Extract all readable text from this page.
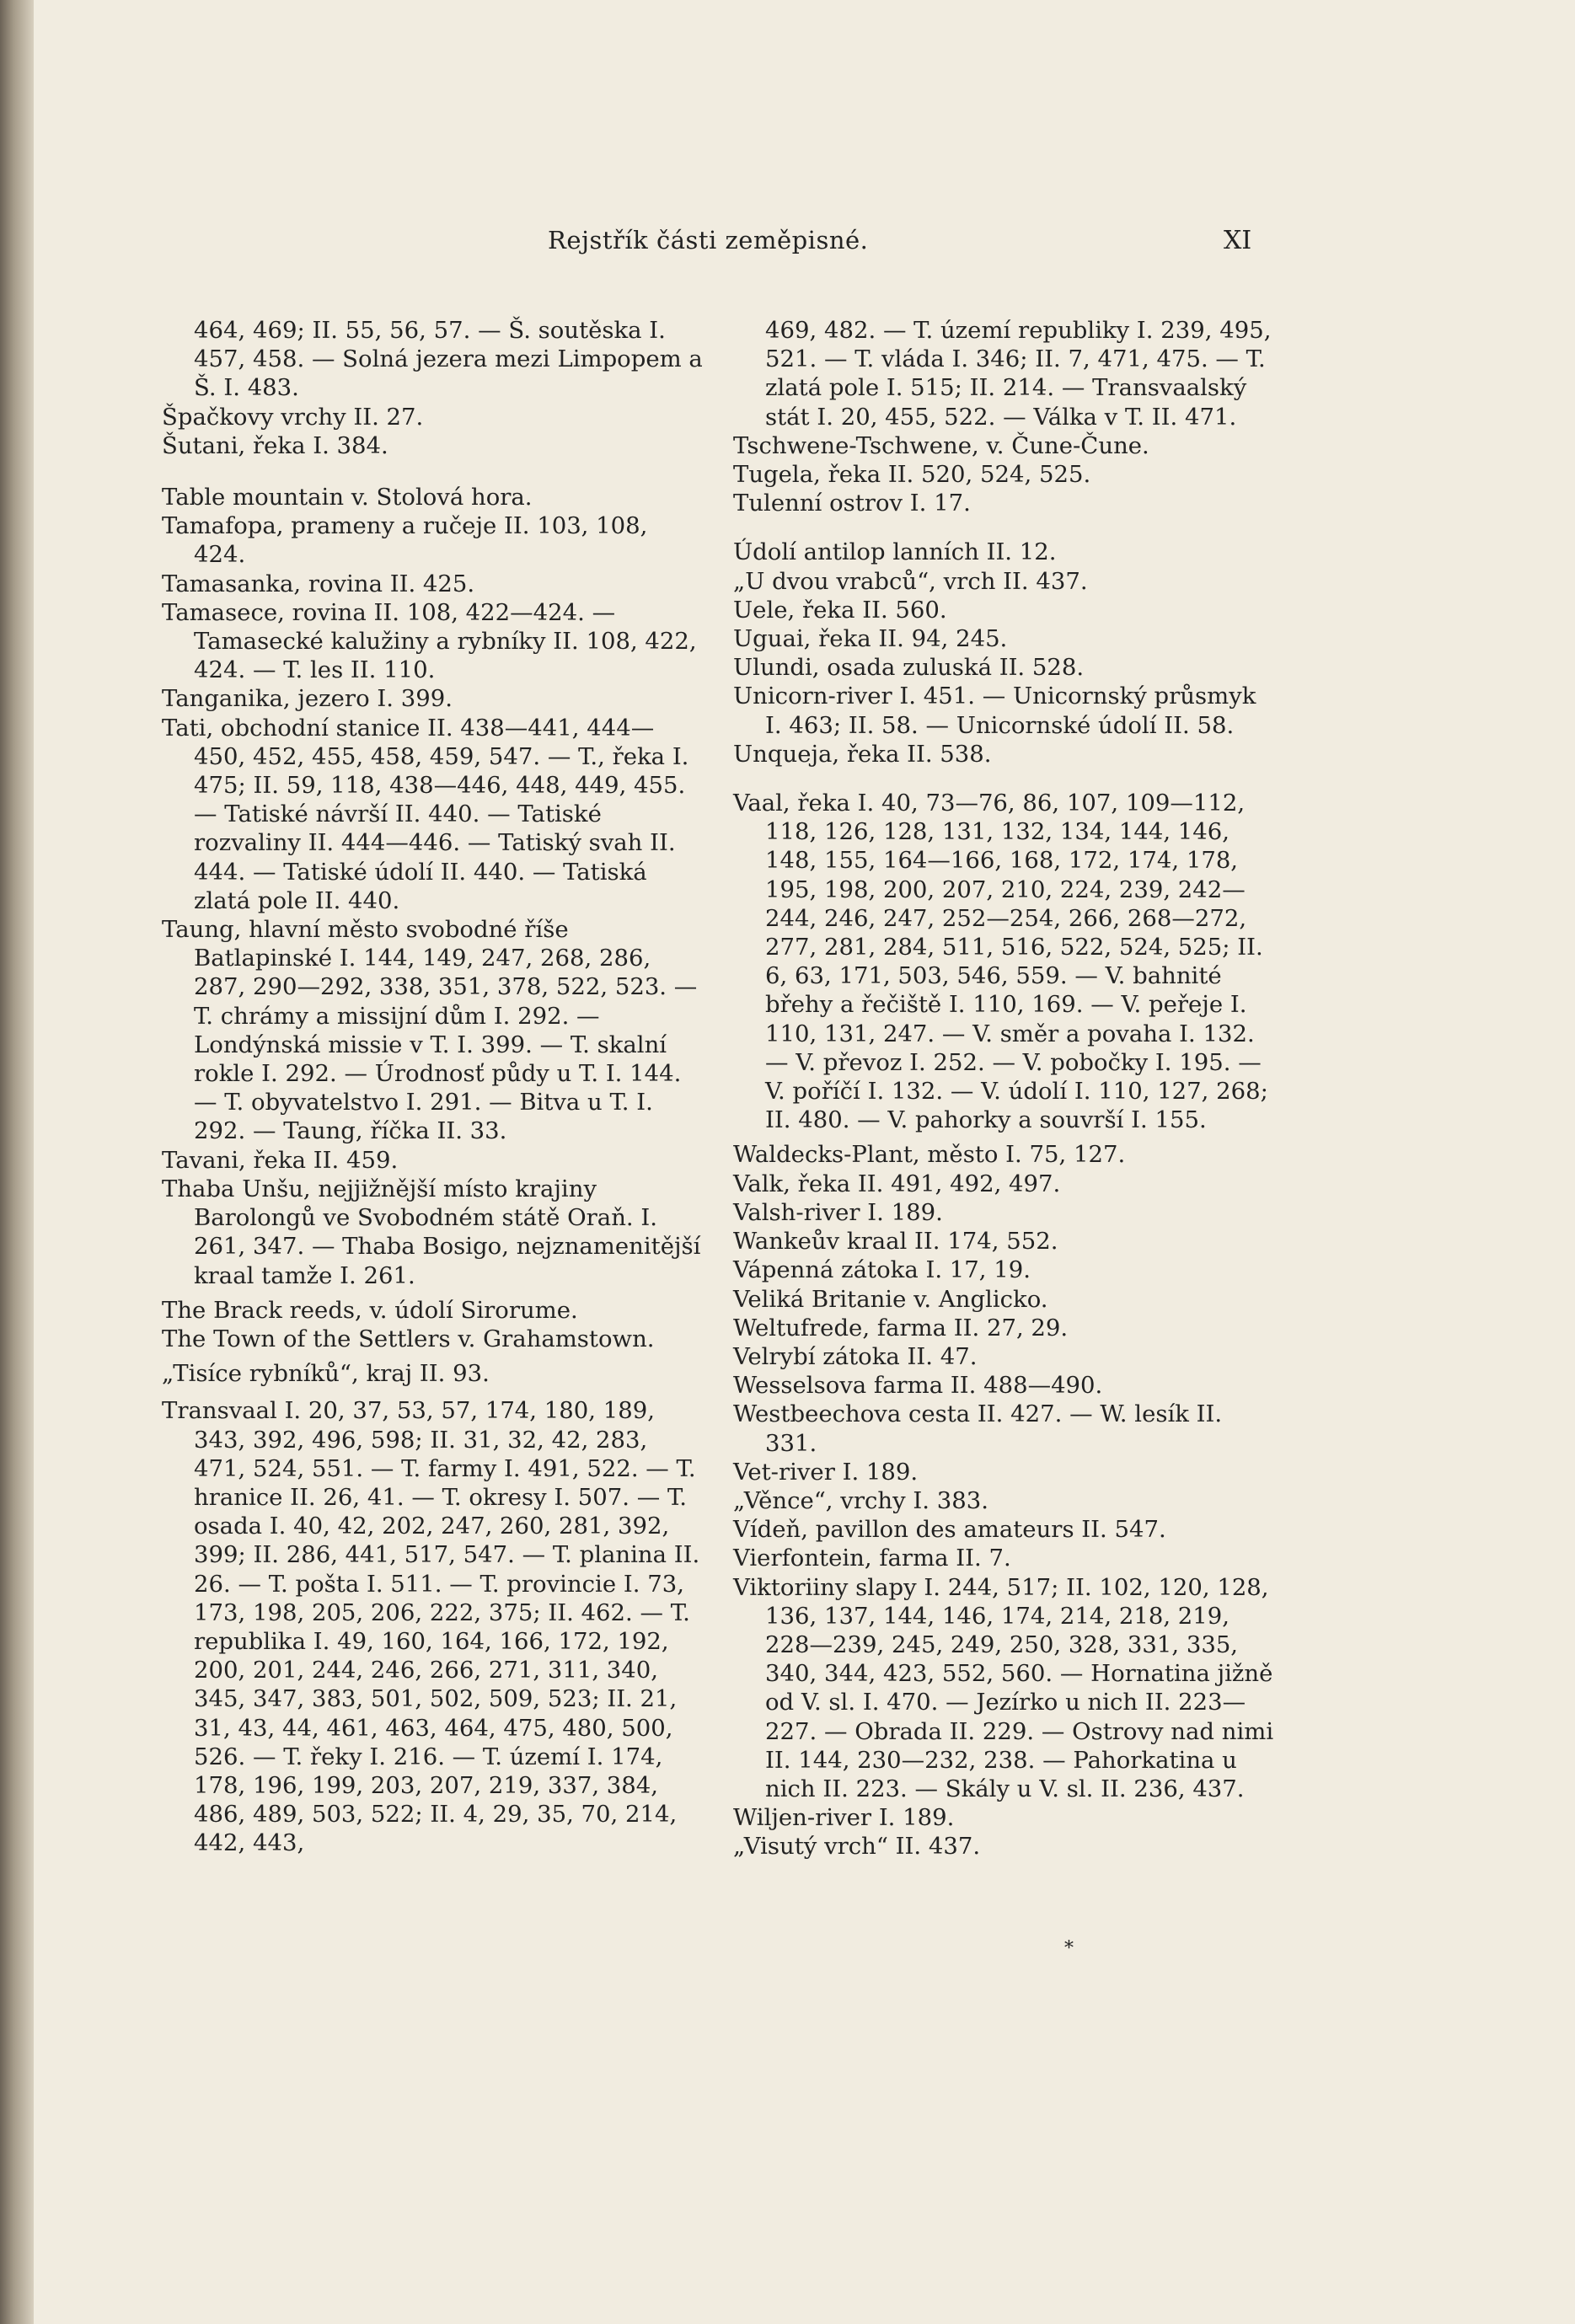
Rejstřík části zeměpisné.	XI
464, 469; II. 55, 56, 57. — Š. soutěska I. 457, 458. — Solná jezera mezi Limpopem a Š. I. 483.
Špačkovy vrchy II. 27.
Šutani, řeka I. 384.
Table mountain v. Stolová hora.
Tamafopa, prameny a ručeje II. 103, 108, 424.
Tamasanka, rovina II. 425.
Tamasece, rovina II. 108, 422—424. — Tamasecké kalužiny a rybníky II. 108, 422, 424. — T. les II. 110.
Tanganika, jezero I. 399.
Tati, obchodní stanice II. 438—441, 444—450, 452, 455, 458, 459, 547. — T., řeka I. 475; II. 59, 118, 438—446, 448, 449, 455. — Tatiské návrší II. 440. — Tatiské rozvaliny II. 444—446. — Tatiský svah II. 444. — Tatiské údolí II. 440. — Tatiská zlatá pole II. 440.
Taung, hlavní město svobodné říše Batlapinské I. 144, 149, 247, 268, 286, 287, 290—292, 338, 351, 378, 522, 523. — T. chrámy a missijní dům I. 292. — Londýnská missie v T. I. 399. — T. skalní rokle I. 292. — Úrodnosť půdy u T. I. 144. — T. obyvatelstvo I. 291. — Bitva u T. I. 292. — Taung, říčka II. 33.
Tavani, řeka II. 459.
Thaba Unšu, nejjižnější místo krajiny Barolongů ve Svobodném státě Oraň. I. 261, 347. — Thaba Bosigo, nejznamenitější kraal tamže I. 261.
The Brack reeds, v. údolí Sirorume.
The Town of the Settlers v. Grahamstown.
„Tisíce rybníků“, kraj II. 93.
Transvaal I. 20, 37, 53, 57, 174, 180, 189, 343, 392, 496, 598; II. 31, 32, 42, 283, 471, 524, 551. — T. farmy I. 491, 522. — T. hranice II. 26, 41. — T. okresy I. 507. — T. osada I. 40, 42, 202, 247, 260, 281, 392, 399; II. 286, 441, 517, 547. — T. planina II. 26. — T. pošta I. 511. — T. provincie I. 73, 173, 198, 205, 206, 222, 375; II. 462. — T. republika I. 49, 160, 164, 166, 172, 192, 200, 201, 244, 246, 266, 271, 311, 340, 345, 347, 383, 501, 502, 509, 523; II. 21, 31, 43, 44, 461, 463, 464, 475, 480, 500, 526. — T. řeky I. 216. — T. území I. 174, 178, 196, 199, 203, 207, 219, 337, 384, 486, 489, 503, 522; II. 4, 29, 35, 70, 214, 442, 443,
469, 482. — T. území republiky I. 239, 495, 521. — T. vláda I. 346; II. 7, 471, 475. — T. zlatá pole I. 515; II. 214. — Transvaalský stát I. 20, 455, 522. — Válka v T. II. 471.
Tschwene-Tschwene, v. Čune-Čune.
Tugela, řeka II. 520, 524, 525.
Tulenní ostrov I. 17.
Údolí antilop lanních II. 12.
„U dvou vrabců“, vrch II. 437.
Uele, řeka II. 560.
Uguai, řeka II. 94, 245.
Ulundi, osada zuluská II. 528.
Unicorn-river I. 451. — Unicornský průsmyk I. 463; II. 58. — Unicornské údolí II. 58.
Unqueja, řeka II. 538.
Vaal, řeka I. 40, 73—76, 86, 107, 109—112, 118, 126, 128, 131, 132, 134, 144, 146, 148, 155, 164—166, 168, 172, 174, 178, 195, 198, 200, 207, 210, 224, 239, 242—244, 246, 247, 252—254, 266, 268—272, 277, 281, 284, 511, 516, 522, 524, 525; II. 6, 63, 171, 503, 546, 559. — V. bahnité břehy a řečiště I. 110, 169. — V. peřeje I. 110, 131, 247. — V. směr a povaha I. 132. — V. převoz I. 252. — V. pobočky I. 195. — V. poříčí I. 132. — V. údolí I. 110, 127, 268; II. 480. — V. pahorky a souvrší I. 155.
Waldecks-Plant, město I. 75, 127.
Valk, řeka II. 491, 492, 497.
Valsh-river I. 189.
Wankeův kraal II. 174, 552.
Vápenná zátoka I. 17, 19.
Veliká Britanie v. Anglicko.
Weltufrede, farma II. 27, 29.
Velrybí zátoka II. 47.
Wesselsova farma II. 488—490.
Westbeechova cesta II. 427. — W. lesík II. 331.
Vet-river I. 189.
„Věnce“, vrchy I. 383.
Vídeň, pavillon des amateurs II. 547.
Vierfontein, farma II. 7.
Viktoriiny slapy I. 244, 517; II. 102, 120, 128, 136, 137, 144, 146, 174, 214, 218, 219, 228—239, 245, 249, 250, 328, 331, 335, 340, 344, 423, 552, 560. — Hornatina jižně od V. sl. I. 470. — Jezírko u nich II. 223—227. — Obrada II. 229. — Ostrovy nad nimi II. 144, 230—232, 238. — Pahorkatina u nich II. 223. — Skály u V. sl. II. 236, 437.
Wiljen-river I. 189.
„Visutý vrch“ II. 437.
*
